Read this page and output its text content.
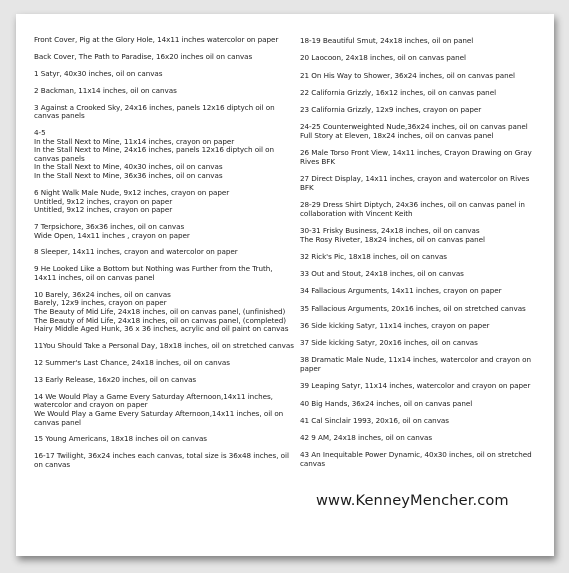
Front Cover, Pig at the Glory Hole, 14x11 inches watercolor on paper
Back Cover, The Path to Paradise, 16x20 inches oil on canvas
1 Satyr, 40x30 inches, oil on canvas
2 Backman, 11x14 inches, oil on canvas
3 Against a Crooked Sky, 24x16 inches, panels 12x16 diptych oil on canvas panels
4-5
In the Stall Next to Mine, 11x14 inches, crayon on paper
In the Stall Next to Mine, 24x16 inches, panels 12x16 diptych oil on canvas panels
In the Stall Next to Mine, 40x30 inches, oil on canvas
In the Stall Next to Mine, 36x36 inches, oil on canvas
6 Night Walk Male Nude, 9x12 inches, crayon on paper
Untitled, 9x12 inches, crayon on paper
Untitled, 9x12 inches, crayon on paper
7 Terpsichore, 36x36 inches, oil on canvas
Wide Open, 14x11 inches , crayon on paper
8 Sleeper, 14x11 inches, crayon and watercolor on paper
9 He Looked Like a Bottom but Nothing was Further from the Truth, 14x11 inches, oil on canvas panel
10 Barely, 36x24 inches, oil on canvas
Barely, 12x9 inches, crayon on paper
The Beauty of Mid Life, 24x18 inches, oil on canvas panel, (unfinished)
The Beauty of Mid Life, 24x18 inches, oil on canvas panel, (completed)
Hairy Middle Aged Hunk, 36 x 36 inches, acrylic and oil paint on canvas
11You Should Take a Personal Day, 18x18 inches, oil on stretched canvas
12 Summer's Last Chance, 24x18 inches, oil on canvas
13 Early Release, 16x20 inches, oil on canvas
14 We Would Play a Game Every Saturday Afternoon,14x11 inches, watercolor and crayon on paper
We Would Play a Game Every Saturday Afternoon,14x11 inches, oil on canvas panel
15 Young Americans, 18x18 inches oil on canvas
16-17 Twilight, 36x24 inches each canvas, total size is 36x48 inches, oil on canvas
18-19 Beautiful Smut, 24x18 inches, oil on panel
20 Laocoon, 24x18 inches, oil on canvas panel
21 On His Way to Shower, 36x24 inches, oil on canvas panel
22 California Grizzly, 16x12 inches, oil on canvas panel
23 California Grizzly, 12x9 inches, crayon on paper
24-25 Counterweighted Nude,36x24 inches, oil on canvas panel
Full Story at Eleven, 18x24 inches, oil on canvas panel
26 Male Torso Front View, 14x11 inches, Crayon Drawing on Gray Rives BFK
27 Direct Display, 14x11 inches, crayon and watercolor on Rives BFK
28-29 Dress Shirt Diptych, 24x36 inches, oil on canvas panel in collaboration with Vincent Keith
30-31 Frisky Business, 24x18 inches, oil on canvas
The Rosy Riveter, 18x24 inches, oil on canvas panel
32 Rick's Pic, 18x18 inches, oil on canvas
33 Out and Stout, 24x18 inches, oil on canvas
34 Fallacious Arguments, 14x11 inches, crayon on paper
35 Fallacious Arguments, 20x16 inches, oil on stretched canvas
36 Side kicking Satyr, 11x14 inches, crayon on paper
37 Side kicking Satyr, 20x16 inches, oil on canvas
38 Dramatic Male Nude, 11x14 inches, watercolor and crayon on paper
39 Leaping Satyr, 11x14 inches, watercolor and crayon on paper
40 Big Hands, 36x24 inches, oil on canvas panel
41 Cal Sinclair 1993, 20x16, oil on canvas
42 9 AM, 24x18 inches, oil on canvas
43 An Inequitable Power Dynamic, 40x30 inches, oil on stretched canvas
www.KenneyMencher.com
